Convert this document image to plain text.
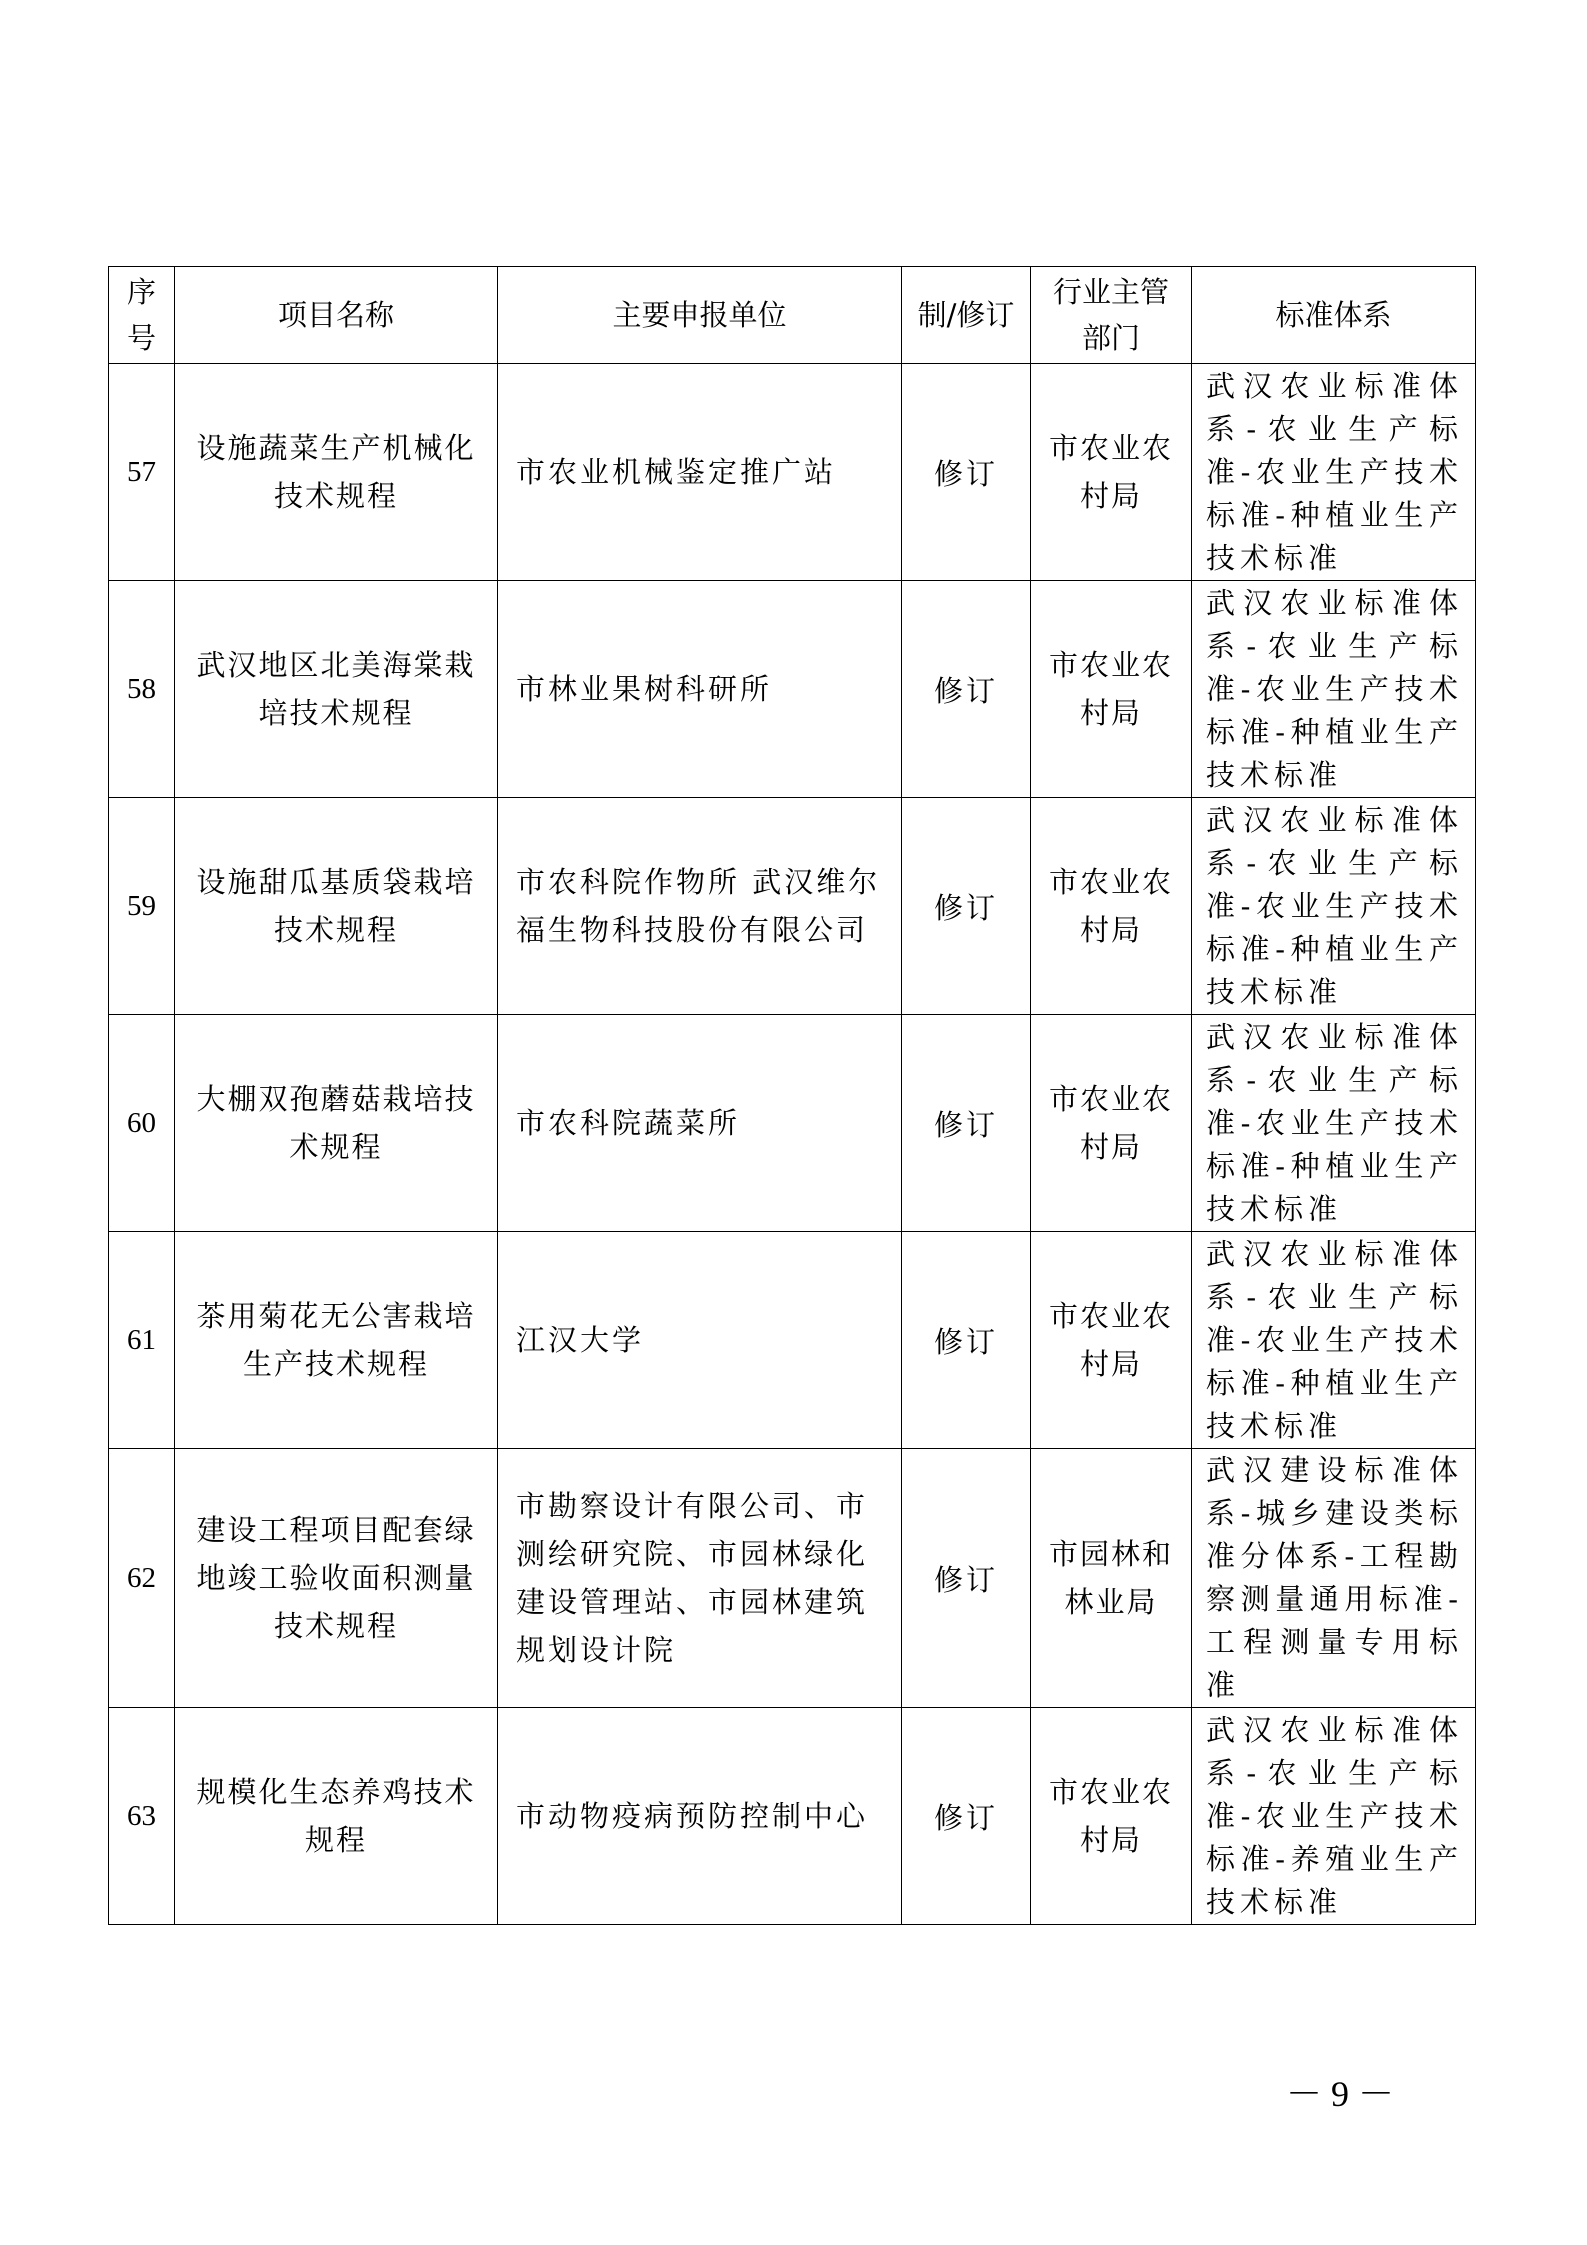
序号	项目名称	主要申报单位	制/修订	行业主管部门	标准体系
57	设施蔬菜生产机械化技术规程	市农业机械鉴定推广站	修订	市农业农村局	武汉农业标准体系-农业生产标准-农业生产技术标准-种植业生产技术标准
58	武汉地区北美海棠栽培技术规程	市林业果树科研所	修订	市农业农村局	武汉农业标准体系-农业生产标准-农业生产技术标准-种植业生产技术标准
59	设施甜瓜基质袋栽培技术规程	市农科院作物所 武汉维尔福生物科技股份有限公司	修订	市农业农村局	武汉农业标准体系-农业生产标准-农业生产技术标准-种植业生产技术标准
60	大棚双孢蘑菇栽培技术规程	市农科院蔬菜所	修订	市农业农村局	武汉农业标准体系-农业生产标准-农业生产技术标准-种植业生产技术标准
61	茶用菊花无公害栽培生产技术规程	江汉大学	修订	市农业农村局	武汉农业标准体系-农业生产标准-农业生产技术标准-种植业生产技术标准
62	建设工程项目配套绿地竣工验收面积测量技术规程	市勘察设计有限公司、市测绘研究院、市园林绿化建设管理站、市园林建筑规划设计院	修订	市园林和林业局	武汉建设标准体系-城乡建设类标准分体系-工程勘察测量通用标准-工程测量专用标准
63	规模化生态养鸡技术规程	市动物疫病预防控制中心	修订	市农业农村局	武汉农业标准体系-农业生产标准-农业生产技术标准-养殖业生产技术标准
－ 9 －
